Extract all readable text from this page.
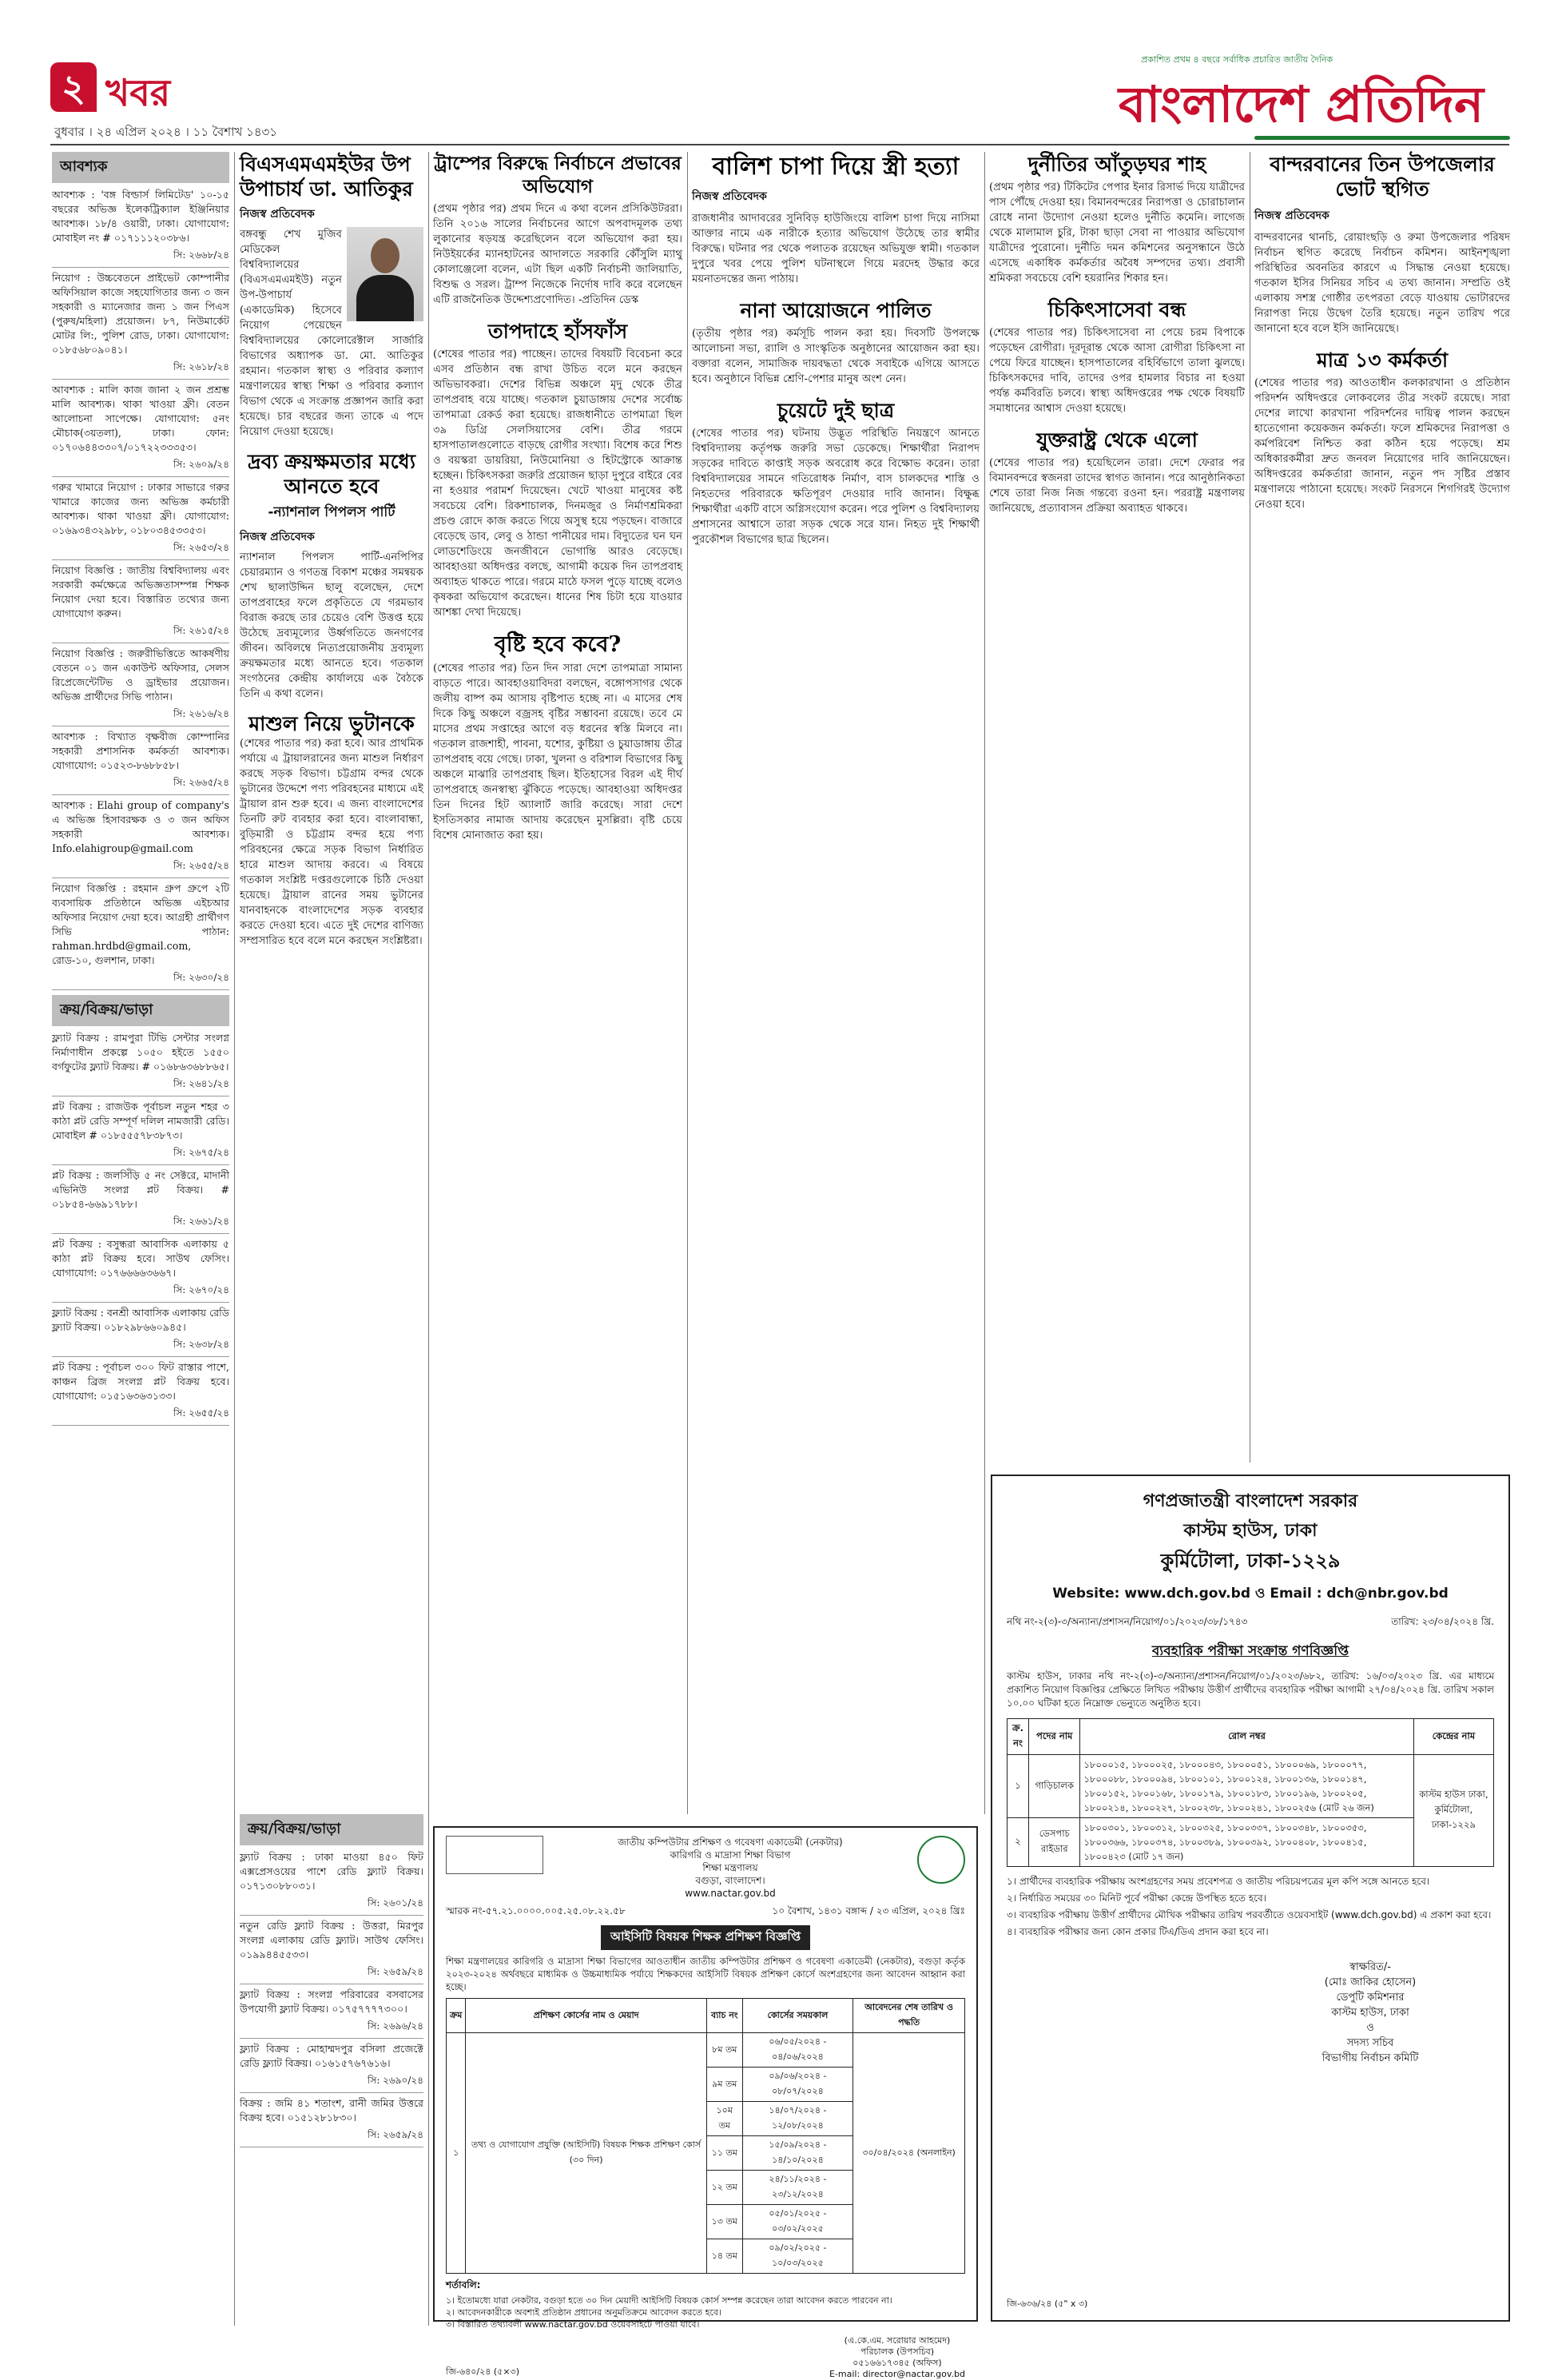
২ খবর
বুধবার । ২৪ এপ্রিল ২০২৪ । ১১ বৈশাখ ১৪৩১
প্রকাশিত প্রথম ৪ বছরে সর্বাধিক প্রচারিত জাতীয় দৈনিক
বাংলাদেশ প্রতিদিন
আবশ্যক

আবশ্যক : 'বঙ্গ বিল্ডার্স লিমিটেড' ১০-১৫ বছরের অভিজ্ঞ ইলেকট্রিক্যাল ইঞ্জিনিয়ার আবশ্যক। ১৮/৪ ওয়ারী, ঢাকা। যোগাযোগ: মোবাইল নং # ০১৭১১১২০৩৮৬।

সি: ২৬৬৮/২৪

নিয়োগ : উচ্চবেতনে প্রাইভেট কোম্পানীর অফিসিয়াল কাজে সহযোগিতার জন্য ৩ জন সহকারী ও ম্যানেজার জন্য ১ জন পিএস (পুরুষ/মহিলা) প্রয়োজন। ৮৭, নিউমার্কেট মোটর লি:, পুলিশ রোড, ঢাকা। যোগাযোগ: ০১৮৫৬৮০৯০৪১।

সি: ২৬১৮/২৪

আবশ্যক : মালি কাজ জানা ২ জন প্রশ্রম্ভ মালি আবশ্যক। থাকা খাওয়া ফ্রী। বেতন আলোচনা সাপেক্ষে। যোগাযোগ: ৫নং মৌচাক(৩য়তলা), ঢাকা। ফোন: ০১৭০৬৪৪৩৩০৭/০১৭২২৩৩৩৫৩।

সি: ২৬০৯/২৪

গরুর খামারে নিয়োগ : ঢাকার সাভারে গরুর খামারে কাজের জন্য অভিজ্ঞ কর্মচারী আবশ্যক। থাকা খাওয়া ফ্রী। যোগাযোগ: ০১৬৯৩৪৩২৯৮৮, ০১৮০৩৪৫৩৩৫৩।

সি: ২৬৫৩/২৪

নিয়োগ বিজ্ঞপ্তি : জাতীয় বিশ্ববিদ্যালয় এবং সরকারী কর্মক্ষেত্রে অভিজ্ঞতাসম্পন্ন শিক্ষক নিয়োগ দেয়া হবে। বিস্তারিত তথ্যের জন্য যোগাযোগ করুন।

সি: ২৬১৫/২৪

নিয়োগ বিজ্ঞপ্তি : জরুরীভিত্তিতে আকর্ষণীয় বেতনে ০১ জন একাউন্ট অফিসার, সেলস রিপ্রেজেন্টেটিভ ও ড্রাইভার প্রয়োজন। অভিজ্ঞ প্রার্থীদের সিভি পাঠান।

সি: ২৬১৬/২৪

আবশ্যক : বিখ্যাত বৃক্ষবীজ কোম্পানির সহকারী প্রশাসনিক কর্মকর্তা আবশ্যক। যোগাযোগ: ০১৫২৩-৮৬৮৮৫৮।

সি: ২৬৬৫/২৪

আবশ্যক : Elahi group of company's এ অভিজ্ঞ হিসাবরক্ষক ও ৩ জন অফিস সহকারী আবশ্যক। Info.elahigroup@gmail.com

সি: ২৬৫৫/২৪

নিয়োগ বিজ্ঞপ্তি : রহমান গ্রুপ গ্রুপে ২টি ব্যবসায়িক প্রতিষ্ঠানে অভিজ্ঞ এইচআর অফিসার নিয়োগ দেয়া হবে। আগ্রহী প্রার্থীগণ সিভি পাঠান: rahman.hrdbd@gmail.com, রোড-১০, গুলশান, ঢাকা।

সি: ২৬৩০/২৪
ক্রয়/বিক্রয়/ভাড়া

ফ্ল্যাট বিক্রয় : রামপুরা টিভি সেন্টার সংলগ্ন নির্মাণাধীন প্রকল্পে ১০৫০ হইতে ১৫৫০ বর্গফুটের ফ্ল্যাট বিক্রয়। # ০১৬৮৬৩৬৮৮৬৫।

সি: ২৬৪১/২৪

প্লট বিক্রয় : রাজউক পূর্বাচল নতুন শহর ৩ কাঠা প্লট রেডি সম্পূর্ণ দলিল নামজারী রেডি। মোবাইল # ০১৮৫৫৫৭৮৩৮৭৩।

সি: ২৬৭৫/২৪

প্লট বিক্রয় : জলসিঁড়ি ৫ নং সেক্টরে, মাদানী এভিনিউ সংলগ্ন প্লট বিক্রয়। # ০১৮৫৪-৬৬৯১৭৮৮।

সি: ২৬৬১/২৪

প্লট বিক্রয় : বসুন্ধরা আবাসিক এলাকায় ৫ কাঠা প্লট বিক্রয় হবে। সাউথ ফেসিং। যোগাযোগ: ০১৭৬৬৬৬৩৬৬৭।

সি: ২৬৭০/২৪

ফ্ল্যাট বিক্রয় : বনশ্রী আবাসিক এলাকায় রেডি ফ্ল্যাট বিক্রয়। ০১৮২৯৮৬৬০৯৪৫।

সি: ২৬৩৮/২৪

প্লট বিক্রয় : পূর্বাচল ৩০০ ফিট রাস্তার পাশে, কাঞ্চন ব্রিজ সংলগ্ন প্লট বিক্রয় হবে। যোগাযোগ: ০১৫১৬৩৬৩১৩৩।

সি: ২৬৫৫/২৪
বিএসএমএমইউর উপ উপাচার্য ডা. আতিকুর
নিজস্ব প্রতিবেদক
বঙ্গবন্ধু শেখ মুজিব মেডিকেল বিশ্ববিদ্যালয়ের (বিএসএমএমইউ) নতুন উপ-উপাচার্য (একাডেমিক) হিসেবে নিয়োগ পেয়েছেন বিশ্ববিদ্যালয়ের কোলোরেক্টাল সার্জারি বিভাগের অধ্যাপক ডা. মো. আতিকুর রহমান। গতকাল স্বাস্থ্য ও পরিবার কল্যাণ মন্ত্রণালয়ের স্বাস্থ্য শিক্ষা ও পরিবার কল্যাণ বিভাগ থেকে এ সংক্রান্ত প্রজ্ঞাপন জারি করা হয়েছে। চার বছরের জন্য তাকে এ পদে নিয়োগ দেওয়া হয়েছে।
দ্রব্য ক্রয়ক্ষমতার মধ্যে আনতে হবে
-ন্যাশনাল পিপলস পার্টি
নিজস্ব প্রতিবেদক
ন্যাশনাল পিপলস পার্টি-এনপিপির চেয়ারম্যান ও গণতন্ত্র বিকাশ মঞ্চের সমন্বয়ক শেখ ছালাউদ্দিন ছালু বলেছেন, দেশে তাপপ্রবাহের ফলে প্রকৃতিতে যে গরমভাব বিরাজ করছে তার চেয়েও বেশি উত্তপ্ত হয়ে উঠেছে দ্রব্যমূল্যের উর্ধ্বগতিতে জনগণের জীবন। অবিলম্বে নিত্যপ্রয়োজনীয় দ্রব্যমূল্য ক্রয়ক্ষমতার মধ্যে আনতে হবে। গতকাল সংগঠনের কেন্দ্রীয় কার্যালয়ে এক বৈঠকে তিনি এ কথা বলেন।
মাশুল নিয়ে ভুটানকে
(শেষের পাতার পর) করা হবে। আর প্রাথমিক পর্যায়ে এ ট্রায়ালরানের জন্য মাশুল নির্ধারণ করছে সড়ক বিভাগ। চট্টগ্রাম বন্দর থেকে ভুটানের উদ্দেশে পণ্য পরিবহনের মাধ্যমে এই ট্রায়াল রান শুরু হবে। এ জন্য বাংলাদেশের তিনটি রুট ব্যবহার করা হবে। বাংলাবান্ধা, বুড়িমারী ও চট্টগ্রাম বন্দর হয়ে পণ্য পরিবহনের ক্ষেত্রে সড়ক বিভাগ নির্ধারিত হারে মাশুল আদায় করবে। এ বিষয়ে গতকাল সংশ্লিষ্ট দপ্তরগুলোকে চিঠি দেওয়া হয়েছে। ট্রায়াল রানের সময় ভুটানের যানবাহনকে বাংলাদেশের সড়ক ব্যবহার করতে দেওয়া হবে। এতে দুই দেশের বাণিজ্য সম্প্রসারিত হবে বলে মনে করছেন সংশ্লিষ্টরা।
ক্রয়/বিক্রয়/ভাড়া

ফ্ল্যাট বিক্রয় : ঢাকা মাওয়া ৪৫০ ফিট এক্সপ্রেসওয়ের পাশে রেডি ফ্ল্যাট বিক্রয়। ০১৭১৩০৮৮০৩১।

সি: ২৬০১/২৪

নতুন রেডি ফ্ল্যাট বিক্রয় : উত্তরা, মিরপুর সংলগ্ন এলাকায় রেডি ফ্ল্যাট। সাউথ ফেসিং। ০১৯৯৪৪৫৫৩৩।

সি: ২৬৫৯/২৪

ফ্ল্যাট বিক্রয় : সংলগ্ন পরিবারের বসবাসের উপযোগী ফ্ল্যাট বিক্রয়। ০১৭৫৭৭৭৭৩০০।

সি: ২৬৯৬/২৪

ফ্ল্যাট বিক্রয় : মোহাম্মদপুর বসিলা প্রজেক্টে রেডি ফ্ল্যাট বিক্রয়। ০১৬১৫৭৬৭৬১৬।

সি: ২৬৯০/২৪

বিক্রয় : জমি ৪১ শতাংশ, রানী জমির উত্তরে বিক্রয় হবে। ০১৫১২৮১৮৩০।

সি: ২৬৫৯/২৪
ট্রাম্পের বিরুদ্ধে নির্বাচনে প্রভাবের অভিযোগ
(প্রথম পৃষ্ঠার পর) প্রথম দিনে এ কথা বলেন প্রসিকিউটররা। তিনি ২০১৬ সালের নির্বাচনের আগে অপবাদমূলক তথ্য লুকানোর ষড়যন্ত্র করেছিলেন বলে অভিযোগ করা হয়। নিউইয়র্কের ম্যানহাটনের আদালতে সরকারি কৌঁসুলি ম্যাথু কোলাঞ্জেলো বলেন, এটা ছিল একটি নির্বাচনী জালিয়াতি, বিশুদ্ধ ও সরল। ট্রাম্প নিজেকে নির্দোষ দাবি করে বলেছেন এটি রাজনৈতিক উদ্দেশ্যপ্রণোদিত। -প্রতিদিন ডেস্ক
তাপদাহে হাঁসফাঁস
(শেষের পাতার পর) পাচ্ছেন। তাদের বিষয়টি বিবেচনা করে এসব প্রতিষ্ঠান বন্ধ রাখা উচিত বলে মনে করছেন অভিভাবকরা। দেশের বিভিন্ন অঞ্চলে মৃদু থেকে তীব্র তাপপ্রবাহ বয়ে যাচ্ছে। গতকাল চুয়াডাঙ্গায় দেশের সর্বোচ্চ তাপমাত্রা রেকর্ড করা হয়েছে। রাজধানীতে তাপমাত্রা ছিল ৩৯ ডিগ্রি সেলসিয়াসের বেশি। তীব্র গরমে হাসপাতালগুলোতে বাড়ছে রোগীর সংখ্যা। বিশেষ করে শিশু ও বয়স্করা ডায়রিয়া, নিউমোনিয়া ও হিটস্ট্রোকে আক্রান্ত হচ্ছেন। চিকিৎসকরা জরুরি প্রয়োজন ছাড়া দুপুরে বাইরে বের না হওয়ার পরামর্শ দিয়েছেন। খেটে খাওয়া মানুষের কষ্ট সবচেয়ে বেশি। রিকশাচালক, দিনমজুর ও নির্মাণশ্রমিকরা প্রচণ্ড রোদে কাজ করতে গিয়ে অসুস্থ হয়ে পড়ছেন। বাজারে বেড়েছে ডাব, লেবু ও ঠান্ডা পানীয়ের দাম। বিদ্যুতের ঘন ঘন লোডশেডিংয়ে জনজীবনে ভোগান্তি আরও বেড়েছে। আবহাওয়া অধিদপ্তর বলছে, আগামী কয়েক দিন তাপপ্রবাহ অব্যাহত থাকতে পারে। গরমে মাঠে ফসল পুড়ে যাচ্ছে বলেও কৃষকরা অভিযোগ করেছেন। ধানের শিষ চিটা হয়ে যাওয়ার আশঙ্কা দেখা দিয়েছে।
বৃষ্টি হবে কবে?
(শেষের পাতার পর) তিন দিন সারা দেশে তাপমাত্রা সামান্য বাড়তে পারে। আবহাওয়াবিদরা বলছেন, বঙ্গোপসাগর থেকে জলীয় বাষ্প কম আসায় বৃষ্টিপাত হচ্ছে না। এ মাসের শেষ দিকে কিছু অঞ্চলে বজ্রসহ বৃষ্টির সম্ভাবনা রয়েছে। তবে মে মাসের প্রথম সপ্তাহের আগে বড় ধরনের স্বস্তি মিলবে না। গতকাল রাজশাহী, পাবনা, যশোর, কুষ্টিয়া ও চুয়াডাঙ্গায় তীব্র তাপপ্রবাহ বয়ে গেছে। ঢাকা, খুলনা ও বরিশাল বিভাগের কিছু অঞ্চলে মাঝারি তাপপ্রবাহ ছিল। ইতিহাসের বিরল এই দীর্ঘ তাপপ্রবাহে জনস্বাস্থ্য ঝুঁকিতে পড়েছে। আবহাওয়া অধিদপ্তর তিন দিনের হিট অ্যালার্ট জারি করেছে। সারা দেশে ইসতিসকার নামাজ আদায় করেছেন মুসল্লিরা। বৃষ্টি চেয়ে বিশেষ মোনাজাত করা হয়।
বালিশ চাপা দিয়ে স্ত্রী হত্যা
নিজস্ব প্রতিবেদক
রাজধানীর আদাবরের সুনিবিড় হাউজিংয়ে বালিশ চাপা দিয়ে নাসিমা আক্তার নামে এক নারীকে হত্যার অভিযোগ উঠেছে তার স্বামীর বিরুদ্ধে। ঘটনার পর থেকে পলাতক রয়েছেন অভিযুক্ত স্বামী। গতকাল দুপুরে খবর পেয়ে পুলিশ ঘটনাস্থলে গিয়ে মরদেহ উদ্ধার করে ময়নাতদন্তের জন্য পাঠায়।
নানা আয়োজনে পালিত
(তৃতীয় পৃষ্ঠার পর) কর্মসূচি পালন করা হয়। দিবসটি উপলক্ষে আলোচনা সভা, র‍্যালি ও সাংস্কৃতিক অনুষ্ঠানের আয়োজন করা হয়। বক্তারা বলেন, সামাজিক দায়বদ্ধতা থেকে সবাইকে এগিয়ে আসতে হবে। অনুষ্ঠানে বিভিন্ন শ্রেণি-পেশার মানুষ অংশ নেন।
চুয়েটে দুই ছাত্র
(শেষের পাতার পর) ঘটনায় উদ্ভূত পরিস্থিতি নিয়ন্ত্রণে আনতে বিশ্ববিদ্যালয় কর্তৃপক্ষ জরুরি সভা ডেকেছে। শিক্ষার্থীরা নিরাপদ সড়কের দাবিতে কাপ্তাই সড়ক অবরোধ করে বিক্ষোভ করেন। তারা বিশ্ববিদ্যালয়ের সামনে গতিরোধক নির্মাণ, বাস চালকদের শাস্তি ও নিহতদের পরিবারকে ক্ষতিপূরণ দেওয়ার দাবি জানান। বিক্ষুব্ধ শিক্ষার্থীরা একটি বাসে অগ্নিসংযোগ করেন। পরে পুলিশ ও বিশ্ববিদ্যালয় প্রশাসনের আশ্বাসে তারা সড়ক থেকে সরে যান। নিহত দুই শিক্ষার্থী পুরকৌশল বিভাগের ছাত্র ছিলেন।
দুর্নীতির আঁতুড়ঘর শাহ
(প্রথম পৃষ্ঠার পর) টিকিটের পেপার ইনার রিসার্ভ দিয়ে যাত্রীদের পাস পৌঁছে দেওয়া হয়। বিমানবন্দরের নিরাপত্তা ও চোরাচালান রোধে নানা উদ্যোগ নেওয়া হলেও দুর্নীতি কমেনি। লাগেজ থেকে মালামাল চুরি, টাকা ছাড়া সেবা না পাওয়ার অভিযোগ যাত্রীদের পুরোনো। দুর্নীতি দমন কমিশনের অনুসন্ধানে উঠে এসেছে একাধিক কর্মকর্তার অবৈধ সম্পদের তথ্য। প্রবাসী শ্রমিকরা সবচেয়ে বেশি হয়রানির শিকার হন।
চিকিৎসাসেবা বন্ধ
(শেষের পাতার পর) চিকিৎসাসেবা না পেয়ে চরম বিপাকে পড়েছেন রোগীরা। দূরদূরান্ত থেকে আসা রোগীরা চিকিৎসা না পেয়ে ফিরে যাচ্ছেন। হাসপাতালের বহির্বিভাগে তালা ঝুলছে। চিকিৎসকদের দাবি, তাদের ওপর হামলার বিচার না হওয়া পর্যন্ত কর্মবিরতি চলবে। স্বাস্থ্য অধিদপ্তরের পক্ষ থেকে বিষয়টি সমাধানের আশ্বাস দেওয়া হয়েছে।
যুক্তরাষ্ট্র থেকে এলো
(শেষের পাতার পর) হয়েছিলেন তারা। দেশে ফেরার পর বিমানবন্দরে স্বজনরা তাদের স্বাগত জানান। পরে আনুষ্ঠানিকতা শেষে তারা নিজ নিজ গন্তব্যে রওনা হন। পররাষ্ট্র মন্ত্রণালয় জানিয়েছে, প্রত্যাবাসন প্রক্রিয়া অব্যাহত থাকবে।
বান্দরবানের তিন উপজেলার ভোট স্থগিত
নিজস্ব প্রতিবেদক
বান্দরবানের থানচি, রোয়াংছড়ি ও রুমা উপজেলার পরিষদ নির্বাচন স্থগিত করেছে নির্বাচন কমিশন। আইনশৃঙ্খলা পরিস্থিতির অবনতির কারণে এ সিদ্ধান্ত নেওয়া হয়েছে। গতকাল ইসির সিনিয়র সচিব এ তথ্য জানান। সম্প্রতি ওই এলাকায় সশস্ত্র গোষ্ঠীর তৎপরতা বেড়ে যাওয়ায় ভোটারদের নিরাপত্তা নিয়ে উদ্বেগ তৈরি হয়েছে। নতুন তারিখ পরে জানানো হবে বলে ইসি জানিয়েছে।
মাত্র ১৩ কর্মকর্তা
(শেষের পাতার পর) আওতাধীন কলকারখানা ও প্রতিষ্ঠান পরিদর্শন অধিদপ্তরে লোকবলের তীব্র সংকট রয়েছে। সারা দেশের লাখো কারখানা পরিদর্শনের দায়িত্ব পালন করছেন হাতেগোনা কয়েকজন কর্মকর্তা। ফলে শ্রমিকদের নিরাপত্তা ও কর্মপরিবেশ নিশ্চিত করা কঠিন হয়ে পড়েছে। শ্রম অধিকারকর্মীরা দ্রুত জনবল নিয়োগের দাবি জানিয়েছেন। অধিদপ্তরের কর্মকর্তারা জানান, নতুন পদ সৃষ্টির প্রস্তাব মন্ত্রণালয়ে পাঠানো হয়েছে। সংকট নিরসনে শিগগিরই উদ্যোগ নেওয়া হবে।
জাতীয় কম্পিউটার প্রশিক্ষণ ও গবেষণা একাডেমী (নেকটার)
কারিগরি ও মাদ্রাসা শিক্ষা বিভাগ
শিক্ষা মন্ত্রণালয়
বগুড়া, বাংলাদেশ।
www.nactar.gov.bd
স্মারক নং-৫৭.২১.০০০০.০০৫.২৫.০৮.২২.৫৮	১০ বৈশাখ, ১৪৩১ বঙ্গাব্দ / ২৩ এপ্রিল, ২০২৪ খ্রিঃ
আইসিটি বিষয়ক শিক্ষক প্রশিক্ষণ বিজ্ঞপ্তি
শিক্ষা মন্ত্রণালয়ের কারিগরি ও মাদ্রাসা শিক্ষা বিভাগের আওতাধীন জাতীয় কম্পিউটার প্রশিক্ষণ ও গবেষণা একাডেমী (নেকটার), বগুড়া কর্তৃক ২০২৩-২০২৪ অর্থবছরে মাধ্যমিক ও উচ্চমাধ্যমিক পর্যায়ে শিক্ষকদের আইসিটি বিষয়ক প্রশিক্ষণ কোর্সে অংশগ্রহণের জন্য আবেদন আহ্বান করা হচ্ছে।
ক্রম	প্রশিক্ষণ কোর্সের নাম ও মেয়াদ	ব্যাচ নং	কোর্সের সময়কাল	আবেদনের শেষ তারিখ ও পদ্ধতি
১	তথ্য ও যোগাযোগ প্রযুক্তি (আইসিটি) বিষয়ক শিক্ষক প্রশিক্ষণ কোর্স (৩০ দিন)	৮ম তম	০৬/০৫/২০২৪ - ০৪/০৬/২০২৪	৩০/০৪/২০২৪ (অনলাইন)
		৯ম তম	০৯/০৬/২০২৪ - ০৮/০৭/২০২৪	
		১০ম তম	১৪/০৭/২০২৪ - ১২/০৮/২০২৪	
		১১ তম	১৫/০৯/২০২৪ - ১৪/১০/২০২৪	
		১২ তম	২৪/১১/২০২৪ - ২৩/১২/২০২৪	
		১৩ তম	০৫/০১/২০২৫ - ০৩/০২/২০২৫	
		১৪ তম	০৯/০২/২০২৫ - ১০/০৩/২০২৫	
শর্তাবলি:
১। ইতোমধ্যে যারা নেকটার, বগুড়া হতে ৩০ দিন মেয়াদী আইসিটি বিষয়ক কোর্স সম্পন্ন করেছেন তারা আবেদন করতে পারবেন না।
২। আবেদনকারীকে অবশ্যই প্রতিষ্ঠান প্রধানের অনুমতিক্রমে আবেদন করতে হবে।
৩। বিস্তারিত তথ্যাবলী www.nactar.gov.bd ওয়েবসাইটে পাওয়া যাবে।
জি-৬৪০/২৪ (৫×৩)
(এ.কে.এম. সরোয়ার আহমেদ)
পরিচালক (উপসচিব)
০৫১৬৬১৭৩৪৫ (অফিস)
E-mail: director@nactar.gov.bd
গণপ্রজাতন্ত্রী বাংলাদেশ সরকার
কাস্টম হাউস, ঢাকা
কুর্মিটোলা, ঢাকা-১২২৯
Website: www.dch.gov.bd ও Email : dch@nbr.gov.bd
নথি নং-২(৩)-৩/অন্যান্য/প্রশাসন/নিয়োগ/০১/২০২৩/৩৮/১৭৪৩	তারিখ: ২৩/০৪/২০২৪ খ্রি.
ব্যবহারিক পরীক্ষা সংক্রান্ত গণবিজ্ঞপ্তি
কাস্টম হাউস, ঢাকার নথি নং-২(৩)-৩/অন্যান্য/প্রশাসন/নিয়োগ/০১/২০২৩/৬৮২, তারিখ: ১৬/০৩/২০২৩ খ্রি. এর মাধ্যমে প্রকাশিত নিয়োগ বিজ্ঞপ্তির প্রেক্ষিতে লিখিত পরীক্ষায় উত্তীর্ণ প্রার্থীদের ব্যবহারিক পরীক্ষা আগামী ২৭/০৪/২০২৪ খ্রি. তারিখ সকাল ১০.০০ ঘটিকা হতে নিম্নোক্ত ভেন্যুতে অনুষ্ঠিত হবে।
ক্র. নং	পদের নাম	রোল নম্বর	কেন্দ্রের নাম
১	গাড়িচালক	১৮০০০১৫, ১৮০০০২৫, ১৮০০০৪৩, ১৮০০০৫১, ১৮০০০৬৯, ১৮০০০৭৭, ১৮০০০৮৮, ১৮০০০৯৪, ১৮০০১০১, ১৮০০১২৪, ১৮০০১৩৬, ১৮০০১৪৭, ১৮০০১৫২, ১৮০০১৬৮, ১৮০০১৭৯, ১৮০০১৮৩, ১৮০০১৯৬, ১৮০০২০৫, ১৮০০২১৪, ১৮০০২২৭, ১৮০০২৩৮, ১৮০০২৪১, ১৮০০২৫৬ (মোট ২৬ জন)	কাস্টম হাউস ঢাকা, কুর্মিটোলা, ঢাকা-১২২৯
২	ডেসপাচ রাইডার	১৮০০৩০১, ১৮০০৩১২, ১৮০০৩২৫, ১৮০০৩৩৭, ১৮০০৩৪৮, ১৮০০৩৫৩, ১৮০০৩৬৬, ১৮০০৩৭৪, ১৮০০৩৮৯, ১৮০০৩৯২, ১৮০০৪০৮, ১৮০০৪১৫, ১৮০০৪২৩ (মোট ১৭ জন)	
১। প্রার্থীদের ব্যবহারিক পরীক্ষায় অংশগ্রহণের সময় প্রবেশপত্র ও জাতীয় পরিচয়পত্রের মূল কপি সঙ্গে আনতে হবে।
২। নির্ধারিত সময়ের ৩০ মিনিট পূর্বে পরীক্ষা কেন্দ্রে উপস্থিত হতে হবে।
৩। ব্যবহারিক পরীক্ষায় উত্তীর্ণ প্রার্থীদের মৌখিক পরীক্ষার তারিখ পরবর্তীতে ওয়েবসাইট (www.dch.gov.bd) এ প্রকাশ করা হবে।
৪। ব্যবহারিক পরীক্ষার জন্য কোন প্রকার টিএ/ডিএ প্রদান করা হবে না।
স্বাক্ষরিত/-
(মোঃ জাকির হোসেন)
ডেপুটি কমিশনার
কাস্টম হাউস, ঢাকা
ও
সদস্য সচিব
বিভাগীয় নির্বাচন কমিটি
জি-৬৩৬/২৪ (৫" x ৩)
